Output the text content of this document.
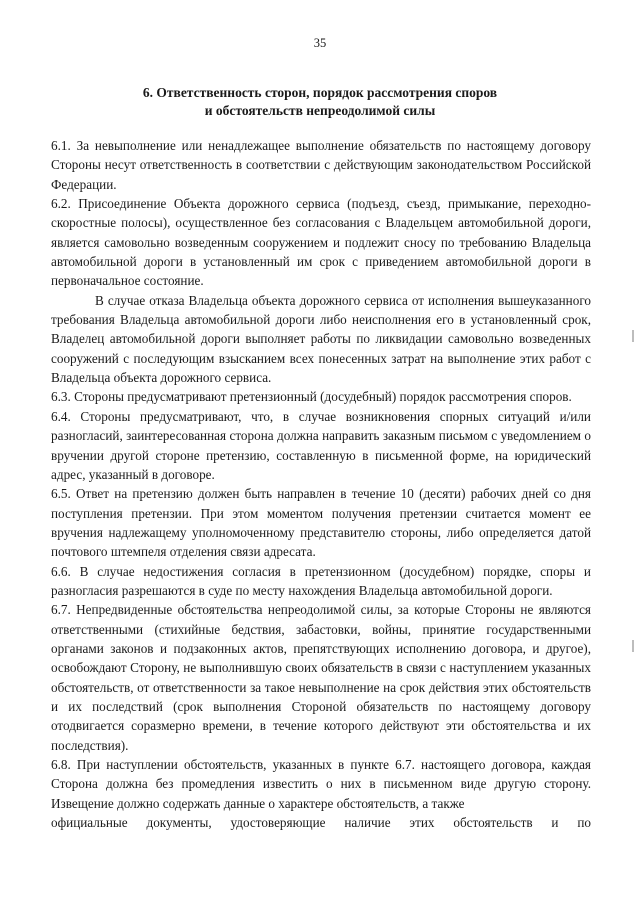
35
6. Ответственность сторон, порядок рассмотрения споров
и обстоятельств непреодолимой силы

6.1. За невыполнение или ненадлежащее выполнение обязательств по настоящему договору Стороны несут ответственность в соответствии с действующим законодательством Российской Федерации.

6.2. Присоединение Объекта дорожного сервиса (подъезд, съезд, примыкание, переходно-скоростные полосы), осуществленное без согласования с Владельцем автомобильной дороги, является самовольно возведенным сооружением и подлежит сносу по требованию Владельца автомобильной дороги в установленный им срок с приведением автомобильной дороги в первоначальное состояние.

В случае отказа Владельца объекта дорожного сервиса от исполнения вышеуказанного требования Владельца автомобильной дороги либо неисполнения его в установленный срок, Владелец автомобильной дороги выполняет работы по ликвидации самовольно возведенных сооружений с последующим взысканием всех понесенных затрат на выполнение этих работ с Владельца объекта дорожного сервиса.

6.3. Стороны предусматривают претензионный (досудебный) порядок рассмотрения споров.

6.4. Стороны предусматривают, что, в случае возникновения спорных ситуаций и/или разногласий, заинтересованная сторона должна направить заказным письмом с уведомлением о вручении другой стороне претензию, составленную в письменной форме, на юридический адрес, указанный в договоре.

6.5. Ответ на претензию должен быть направлен в течение 10 (десяти) рабочих дней со дня поступления претензии. При этом моментом получения претензии считается момент ее вручения надлежащему уполномоченному представителю стороны, либо определяется датой почтового штемпеля отделения связи адресата.

6.6. В случае недостижения согласия в претензионном (досудебном) порядке, споры и разногласия разрешаются в суде по месту нахождения Владельца автомобильной дороги.

6.7. Непредвиденные обстоятельства непреодолимой силы, за которые Стороны не являются ответственными (стихийные бедствия, забастовки, войны, принятие государственными органами законов и подзаконных актов, препятствующих исполнению договора, и другое), освобождают Сторону, не выполнившую своих обязательств в связи с наступлением указанных обстоятельств, от ответственности за такое невыполнение на срок действия этих обстоятельств и их последствий (срок выполнения Стороной обязательств по настоящему договору отодвигается соразмерно времени, в течение которого действуют эти обстоятельства и их последствия).

6.8. При наступлении обстоятельств, указанных в пункте 6.7. настоящего договора, каждая Сторона должна без промедления известить о них в письменном виде другую сторону. Извещение должно содержать данные о характере обстоятельств, а также

официальные документы, удостоверяющие наличие этих обстоятельств и по
